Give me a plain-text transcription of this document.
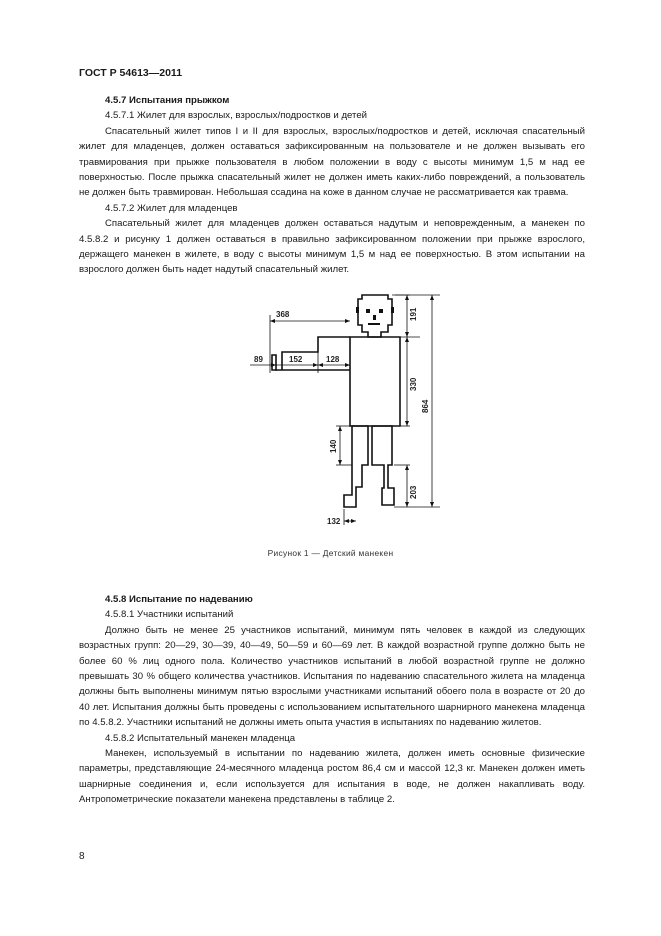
ГОСТ Р 54613—2011

4.5.7 Испытания прыжком

4.5.7.1 Жилет для взрослых, взрослых/подростков и детей

Спасательный жилет типов I и II для взрослых, взрослых/подростков и детей, исключая спасательный жилет для младенцев, должен оставаться зафиксированным на пользователе и не должен вызывать его травмирования при прыжке пользователя в любом положении в воду с высоты минимум 1,5 м над ее поверхностью. После прыжка спасательный жилет не должен иметь каких-либо повреждений, а пользователь не должен быть травмирован. Небольшая ссадина на коже в данном случае не рассматривается как травма.

4.5.7.2 Жилет для младенцев

Спасательный жилет для младенцев должен оставаться надутым и неповрежденным, а манекен по 4.5.8.2 и рисунку 1 должен оставаться в правильно зафиксированном положении при прыжке взрослого, держащего манекен в жилете, в воду с высоты минимум 1,5 м над ее поверхностью. В этом испытании на взрослого должен быть надет надутый спасательный жилет.

368
89	152	128
191
330
864
140
203
132
Рисунок 1 — Детский манекен

4.5.8 Испытание по надеванию

4.5.8.1 Участники испытаний

Должно быть не менее 25 участников испытаний, минимум пять человек в каждой из следующих возрастных групп: 20—29, 30—39, 40—49, 50—59 и 60—69 лет. В каждой возрастной группе должно быть не более 60 % лиц одного пола. Количество участников испытаний в любой возрастной группе не должно превышать 30 % общего количества участников. Испытания по надеванию спасательного жилета на младенца должны быть выполнены минимум пятью взрослыми участниками испытаний обоего пола в возрасте от 20 до 40 лет. Испытания должны быть проведены с использованием испытательного шарнирного манекена младенца по 4.5.8.2. Участники испытаний не должны иметь опыта участия в испытаниях по надеванию жилетов.

4.5.8.2 Испытательный манекен младенца

Манекен, используемый в испытании по надеванию жилета, должен иметь основные физические параметры, представляющие 24-месячного младенца ростом 86,4 см и массой 12,3 кг. Манекен должен иметь шарнирные соединения и, если используется для испытания в воде, не должен накапливать воду. Антропометрические показатели манекена представлены в таблице 2.

8
